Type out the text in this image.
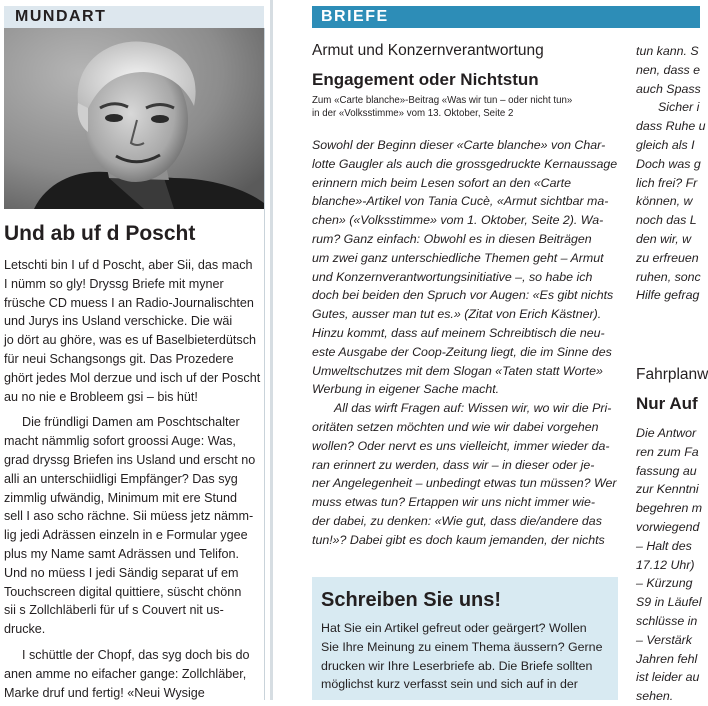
MUNDART
Und ab uf d Poscht

Letschti bin I uf d Poscht, aber Sii, das mach
I nümm so gly! Dryssg Briefe mit myner
früsche CD muess I an Radio-Journalischten
und Jurys ins Usland verschicke. Die wäi
jo dört au ghöre, was es uf Baselbieterdütsch
für neui Schangsongs git. Das Prozedere
ghört jedes Mol derzue und isch uf der Poscht
au no nie e Brobleem gsi – bis hüt!

Die fründligi Damen am Poschtschalter
macht nämmlig sofort groossi Auge: Was,
grad dryssg Briefen ins Usland und erscht no
alli an unterschiidligi Empfänger? Das syg
zimmlig ufwändig, Minimum mit ere Stund
sell I aso scho rächne. Sii müess jetz nämm-
lig jedi Adrässen einzeln in e Formular ygee
plus my Name samt Adrässen und Telifon.
Und no müess I jedi Sändig separat uf em
Touchscreen digital quittiere, süscht chönn
sii s Zollchläberli für uf s Couvert nit us-
drucke.

I schüttle der Chopf, das syg doch bis do
anen amme no eifacher gange: Zollchläber,
Marke druf und fertig! «Neui Wysige

BRIEFE
Armut und Konzernverantwortung
Engagement oder Nichtstun
Zum «Carte blanche»-Beitrag «Was wir tun – oder nicht tun»
in der «Volksstimme» vom 13. Oktober, Seite 2

Sowohl der Beginn dieser «Carte blanche» von Char-
lotte Gaugler als auch die grossgedruckte Kernaussage
erinnern mich beim Lesen sofort an den «Carte
blanche»-Artikel von Tania Cucè, «Armut sichtbar ma-
chen» («Volksstimme» vom 1. Oktober, Seite 2). Wa-
rum? Ganz einfach: Obwohl es in diesen Beiträgen
um zwei ganz unterschiedliche Themen geht – Armut
und Konzernverantwortungsinitiative –, so habe ich
doch bei beiden den Spruch vor Augen: «Es gibt nichts
Gutes, ausser man tut es.» (Zitat von Erich Kästner).
Hinzu kommt, dass auf meinem Schreibtisch die neu-
este Ausgabe der Coop-Zeitung liegt, die im Sinne des
Umweltschutzes mit dem Slogan «Taten statt Worte»
Werbung in eigener Sache macht.

All das wirft Fragen auf: Wissen wir, wo wir die Pri-
oritäten setzen möchten und wie wir dabei vorgehen
wollen? Oder nervt es uns vielleicht, immer wieder da-
ran erinnert zu werden, dass wir – in dieser oder je-
ner Angelegenheit – unbedingt etwas tun müssen? Wer
muss etwas tun? Ertappen wir uns nicht immer wie-
der dabei, zu denken: «Wie gut, dass die/andere das
tun!»? Dabei gibt es doch kaum jemanden, der nichts

Schreiben Sie uns!
Hat Sie ein Artikel gefreut oder geärgert? Wollen
Sie Ihre Meinung zu einem Thema äussern? Gerne
drucken wir Ihre Leserbriefe ab. Die Briefe sollten
möglichst kurz verfasst sein und sich auf in der
tun kann. S
nen, dass e
auch Spass
Sicher i
dass Ruhe u
gleich als I
Doch was g
lich frei? Fr
können, w
noch das L
den wir, w
zu erfreuen
ruhen, sonc
Hilfe gefrag
Fahrplanw
Nur Auf
Die Antwor
ren zum Fa
fassung au
zur Kenntni
begehren m
vorwiegend
– Halt des
17.12 Uhr)
– Kürzung
S9 in Läufel
schlüsse in
– Verstärk
Jahren fehl
ist leider au
sehen.
